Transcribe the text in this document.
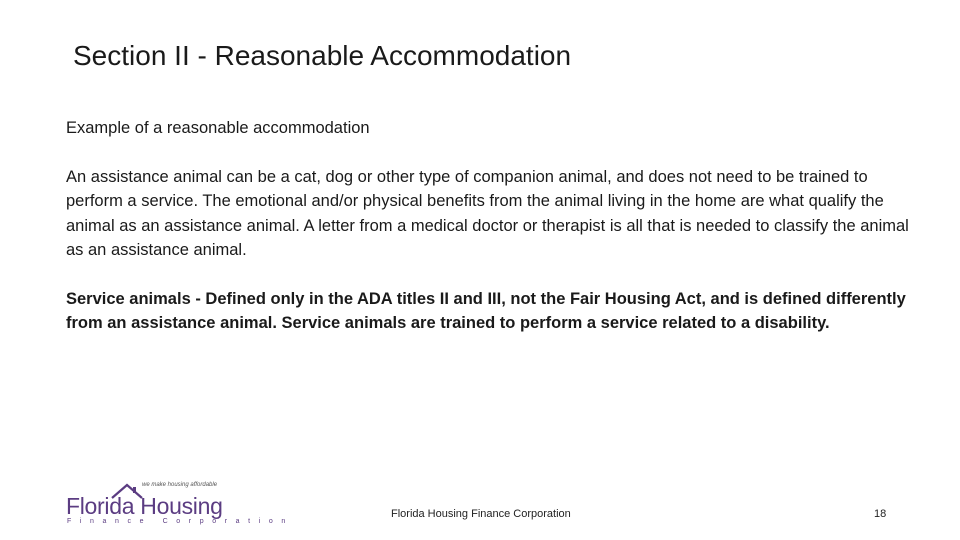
Section II - Reasonable Accommodation

Example of a reasonable accommodation

An assistance animal can be a cat, dog or other type of companion animal, and does not need to be trained to perform a service. The emotional and/or physical benefits from the animal living in the home are what qualify the animal as an assistance animal. A letter from a medical doctor or therapist is all that is needed to classify the animal as an assistance animal.

Service animals - Defined only in the ADA titles II and III, not the Fair Housing Act, and is defined differently from an assistance animal. Service animals are trained to perform a service related to a disability.

we make housing affordable
Florida Housing
Finance Corporation
Florida Housing Finance Corporation	18
